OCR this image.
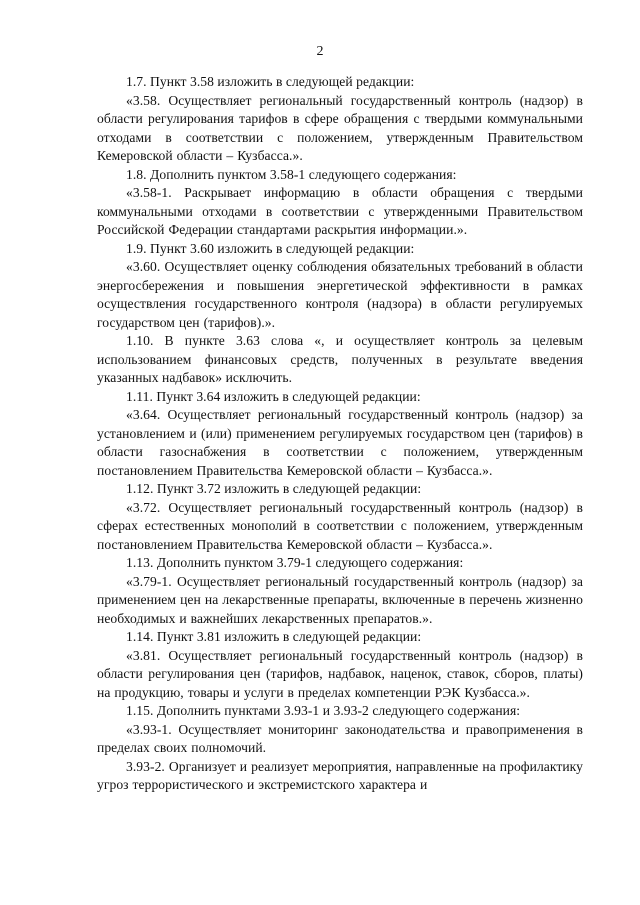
2

1.7. Пункт 3.58 изложить в следующей редакции:

«3.58. Осуществляет региональный государственный контроль (надзор) в области регулирования тарифов в сфере обращения с твердыми коммунальными отходами в соответствии с положением, утвержденным Правительством Кемеровской области – Кузбасса.».

1.8. Дополнить пунктом 3.58-1 следующего содержания:

«3.58-1. Раскрывает информацию в области обращения с твердыми коммунальными отходами в соответствии с утвержденными Правительством Российской Федерации стандартами раскрытия информации.».

1.9. Пункт 3.60 изложить в следующей редакции:

«3.60. Осуществляет оценку соблюдения обязательных требований в области энергосбережения и повышения энергетической эффективности в рамках осуществления государственного контроля (надзора) в области регулируемых государством цен (тарифов).».

1.10. В пункте 3.63 слова «, и осуществляет контроль за целевым использованием финансовых средств, полученных в результате введения указанных надбавок» исключить.

1.11. Пункт 3.64 изложить в следующей редакции:

«3.64. Осуществляет региональный государственный контроль (надзор) за установлением и (или) применением регулируемых государством цен (тарифов) в области газоснабжения в соответствии с положением, утвержденным постановлением Правительства Кемеровской области – Кузбасса.».

1.12. Пункт 3.72 изложить в следующей редакции:

«3.72. Осуществляет региональный государственный контроль (надзор) в сферах естественных монополий в соответствии с положением, утвержденным постановлением Правительства Кемеровской области – Кузбасса.».

1.13. Дополнить пунктом 3.79-1 следующего содержания:

«3.79-1. Осуществляет региональный государственный контроль (надзор) за применением цен на лекарственные препараты, включенные в перечень жизненно необходимых и важнейших лекарственных препаратов.».

1.14. Пункт 3.81 изложить в следующей редакции:

«3.81. Осуществляет региональный государственный контроль (надзор) в области регулирования цен (тарифов, надбавок, наценок, ставок, сборов, платы) на продукцию, товары и услуги в пределах компетенции РЭК Кузбасса.».

1.15. Дополнить пунктами 3.93-1 и 3.93-2 следующего содержания:

«3.93-1. Осуществляет мониторинг законодательства и правоприменения в пределах своих полномочий.

3.93-2. Организует и реализует мероприятия, направленные на профилактику угроз террористического и экстремистского характера и
